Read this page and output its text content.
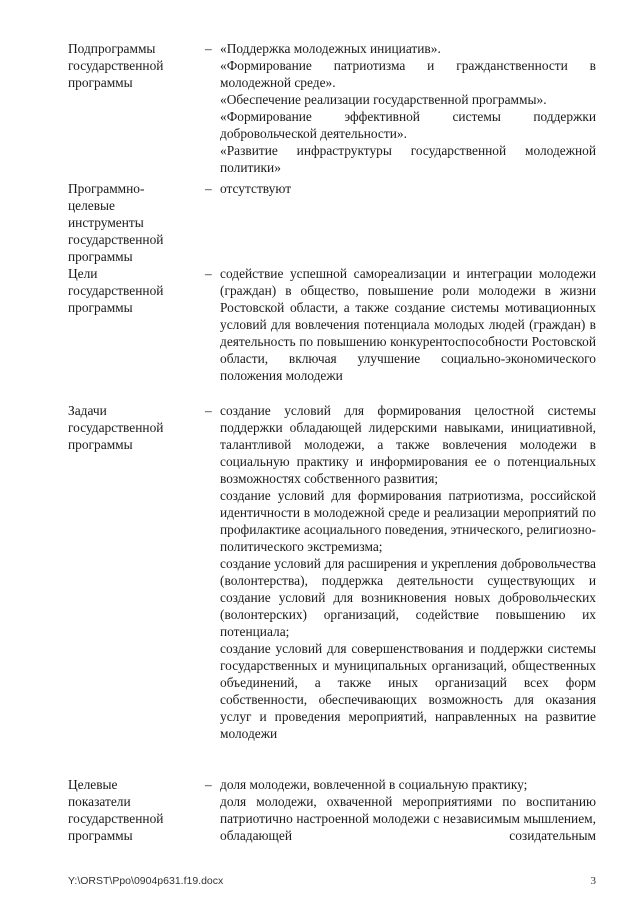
Подпрограммы
государственной
программы
– «Поддержка молодежных инициатив».
«Формирование патриотизма и гражданственности в молодежной среде».
«Обеспечение реализации государственной программы».
«Формирование эффективной системы поддержки добровольческой деятельности».
«Развитие инфраструктуры государственной молодежной политики»
Программно-
целевые
инструменты
государственной
программы
– отсутствуют
Цели
государственной
программы
– содействие успешной самореализации и интеграции молодежи (граждан) в общество, повышение роли молодежи в жизни Ростовской области, а также создание системы мотивационных условий для вовлечения потенциала молодых людей (граждан) в деятельность по повышению конкурентоспособности Ростовской области, включая улучшение социально-экономического положения молодежи
Задачи
государственной
программы
– создание условий для формирования целостной системы поддержки обладающей лидерскими навыками, инициативной, талантливой молодежи, а также вовлечения молодежи в социальную практику и информирования ее о потенциальных возможностях собственного развития;
создание условий для формирования патриотизма, российской идентичности в молодежной среде и реализации мероприятий по профилактике асоциального поведения, этнического, религиозно-политического экстремизма;
создание условий для расширения и укрепления добровольчества (волонтерства), поддержка деятельности существующих и создание условий для возникновения новых добровольческих (волонтерских) организаций, содействие повышению их потенциала;
создание условий для совершенствования и поддержки системы государственных и муниципальных организаций, общественных объединений, а также иных организаций всех форм собственности, обеспечивающих возможность для оказания услуг и проведения мероприятий, направленных на развитие молодежи
Целевые
показатели
государственной
программы
– доля молодежи, вовлеченной в социальную практику;
доля молодежи, охваченной мероприятиями по воспитанию патриотично настроенной молодежи с независимым мышлением, обладающей созидательным
Y:\ORST\Ppo\0904p631.f19.docx	3
